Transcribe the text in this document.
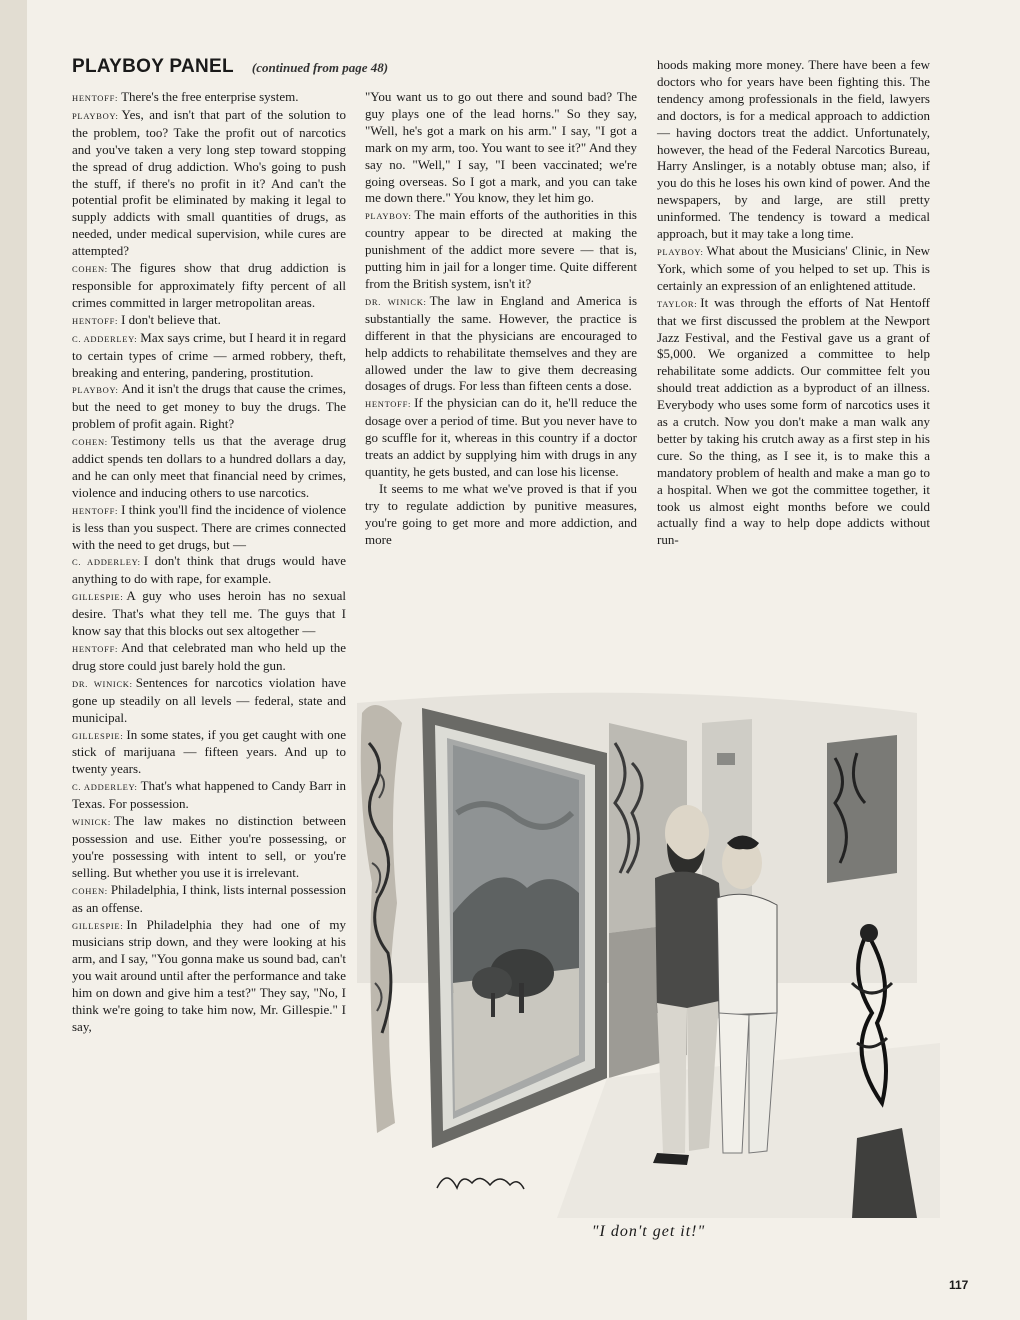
PLAYBOY PANEL (continued from page 48)

HENTOFF: There's the free enterprise system.

PLAYBOY: Yes, and isn't that part of the solution to the problem, too? Take the profit out of narcotics and you've taken a very long step toward stopping the spread of drug addiction. Who's going to push the stuff, if there's no profit in it? And can't the potential profit be eliminated by making it legal to supply addicts with small quantities of drugs, as needed, under medical supervision, while cures are attempted?

COHEN: The figures show that drug addiction is responsible for approximately fifty percent of all crimes committed in larger metropolitan areas.

HENTOFF: I don't believe that.

C. ADDERLEY: Max says crime, but I heard it in regard to certain types of crime — armed robbery, theft, breaking and entering, pandering, prostitution.

PLAYBOY: And it isn't the drugs that cause the crimes, but the need to get money to buy the drugs. The problem of profit again. Right?

COHEN: Testimony tells us that the average drug addict spends ten dollars to a hundred dollars a day, and he can only meet that financial need by crimes, violence and inducing others to use narcotics.

HENTOFF: I think you'll find the incidence of violence is less than you suspect. There are crimes connected with the need to get drugs, but —

C. ADDERLEY: I don't think that drugs would have anything to do with rape, for example.

GILLESPIE: A guy who uses heroin has no sexual desire. That's what they tell me. The guys that I know say that this blocks out sex altogether —

HENTOFF: And that celebrated man who held up the drug store could just barely hold the gun.

DR. WINICK: Sentences for narcotics violation have gone up steadily on all levels — federal, state and municipal.

GILLESPIE: In some states, if you get caught with one stick of marijuana — fifteen years. And up to twenty years.

C. ADDERLEY: That's what happened to Candy Barr in Texas. For possession.

WINICK: The law makes no distinction between possession and use. Either you're possessing, or you're possessing with intent to sell, or you're selling. But whether you use it is irrelevant.

COHEN: Philadelphia, I think, lists internal possession as an offense.

GILLESPIE: In Philadelphia they had one of my musicians strip down, and they were looking at his arm, and I say, "You gonna make us sound bad, can't you wait around until after the performance and take him on down and give him a test?" They say, "No, I think we're going to take him now, Mr. Gillespie." I say,

"You want us to go out there and sound bad? The guy plays one of the lead horns." So they say, "Well, he's got a mark on his arm." I say, "I got a mark on my arm, too. You want to see it?" And they say no. "Well," I say, "I been vaccinated; we're going overseas. So I got a mark, and you can take me down there." You know, they let him go.

PLAYBOY: The main efforts of the authorities in this country appear to be directed at making the punishment of the addict more severe — that is, putting him in jail for a longer time. Quite different from the British system, isn't it?

DR. WINICK: The law in England and America is substantially the same. However, the practice is different in that the physicians are encouraged to help addicts to rehabilitate themselves and they are allowed under the law to give them decreasing dosages of drugs. For less than fifteen cents a dose.

HENTOFF: If the physician can do it, he'll reduce the dosage over a period of time. But you never have to go scuffle for it, whereas in this country if a doctor treats an addict by supplying him with drugs in any quantity, he gets busted, and can lose his license.

It seems to me what we've proved is that if you try to regulate addiction by punitive measures, you're going to get more and more addiction, and more

hoods making more money. There have been a few doctors who for years have been fighting this. The tendency among professionals in the field, lawyers and doctors, is for a medical approach to addiction — having doctors treat the addict. Unfortunately, however, the head of the Federal Narcotics Bureau, Harry Anslinger, is a notably obtuse man; also, if you do this he loses his own kind of power. And the newspapers, by and large, are still pretty uninformed. The tendency is toward a medical approach, but it may take a long time.

PLAYBOY: What about the Musicians' Clinic, in New York, which some of you helped to set up. This is certainly an expression of an enlightened attitude.

TAYLOR: It was through the efforts of Nat Hentoff that we first discussed the problem at the Newport Jazz Festival, and the Festival gave us a grant of $5,000. We organized a committee to help rehabilitate some addicts. Our committee felt you should treat addiction as a byproduct of an illness. Everybody who uses some form of narcotics uses it as a crutch. Now you don't make a man walk any better by taking his crutch away as a first step in his cure. So the thing, as I see it, is to make this a mandatory problem of health and make a man go to a hospital. When we got the committee together, it took us almost eight months before we could actually find a way to help dope addicts without run-

"I don't get it!"
117
